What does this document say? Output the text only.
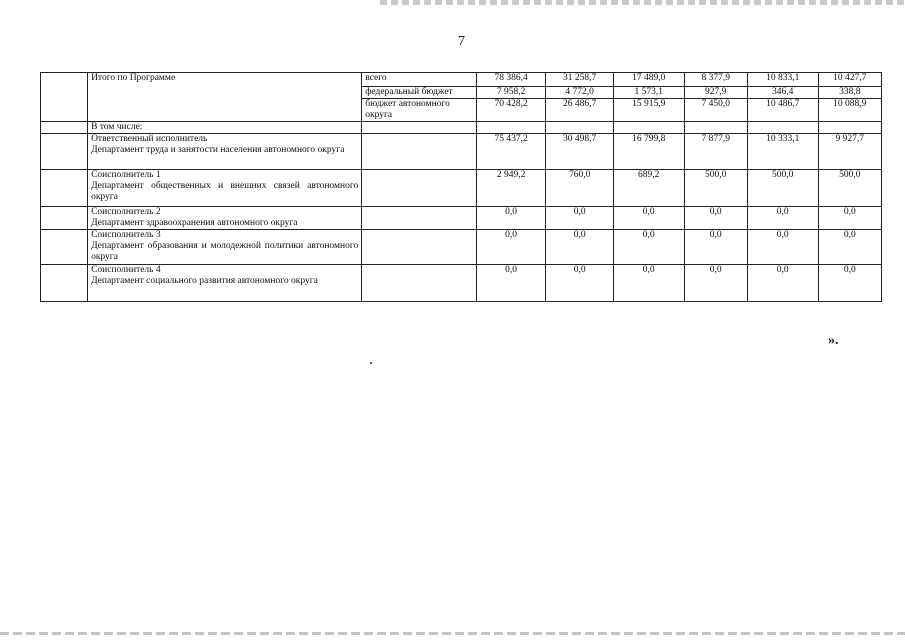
7
	Итого по Программе	всего	78 386,4	31 258,7	17 489,0	8 377,9	10 833,1	10 427,7
		федеральный бюджет	7 958,2	4 772,0	1 573,1	927,9	346,4	338,8
		бюджет автономного округа	70 428,2	26 486,7	15 915,9	7 450,0	10 486,7	10 088,9
	В том числе:							

	Ответственный исполнитель
Департамент труда и занятости населения автономного округа		75 437,2	30 498,7	16 799,8	7 877,9	10 333,1	9 927,7

	Соисполнитель 1
Департамент общественных и внешних связей автономного округа		2 949,2	760,0	689,2	500,0	500,0	500,0

	Соисполнитель 2
Департамент здравоохранения автономного округа		0,0	0,0	0,0	0,0	0,0	0,0

	Соисполнитель 3
Департамент образования и молодежной политики автономного округа		0,0	0,0	0,0	0,0	0,0	0,0

	Соисполнитель 4
Департамент социального развития автономного округа		0,0	0,0	0,0	0,0	0,0	0,0
».
